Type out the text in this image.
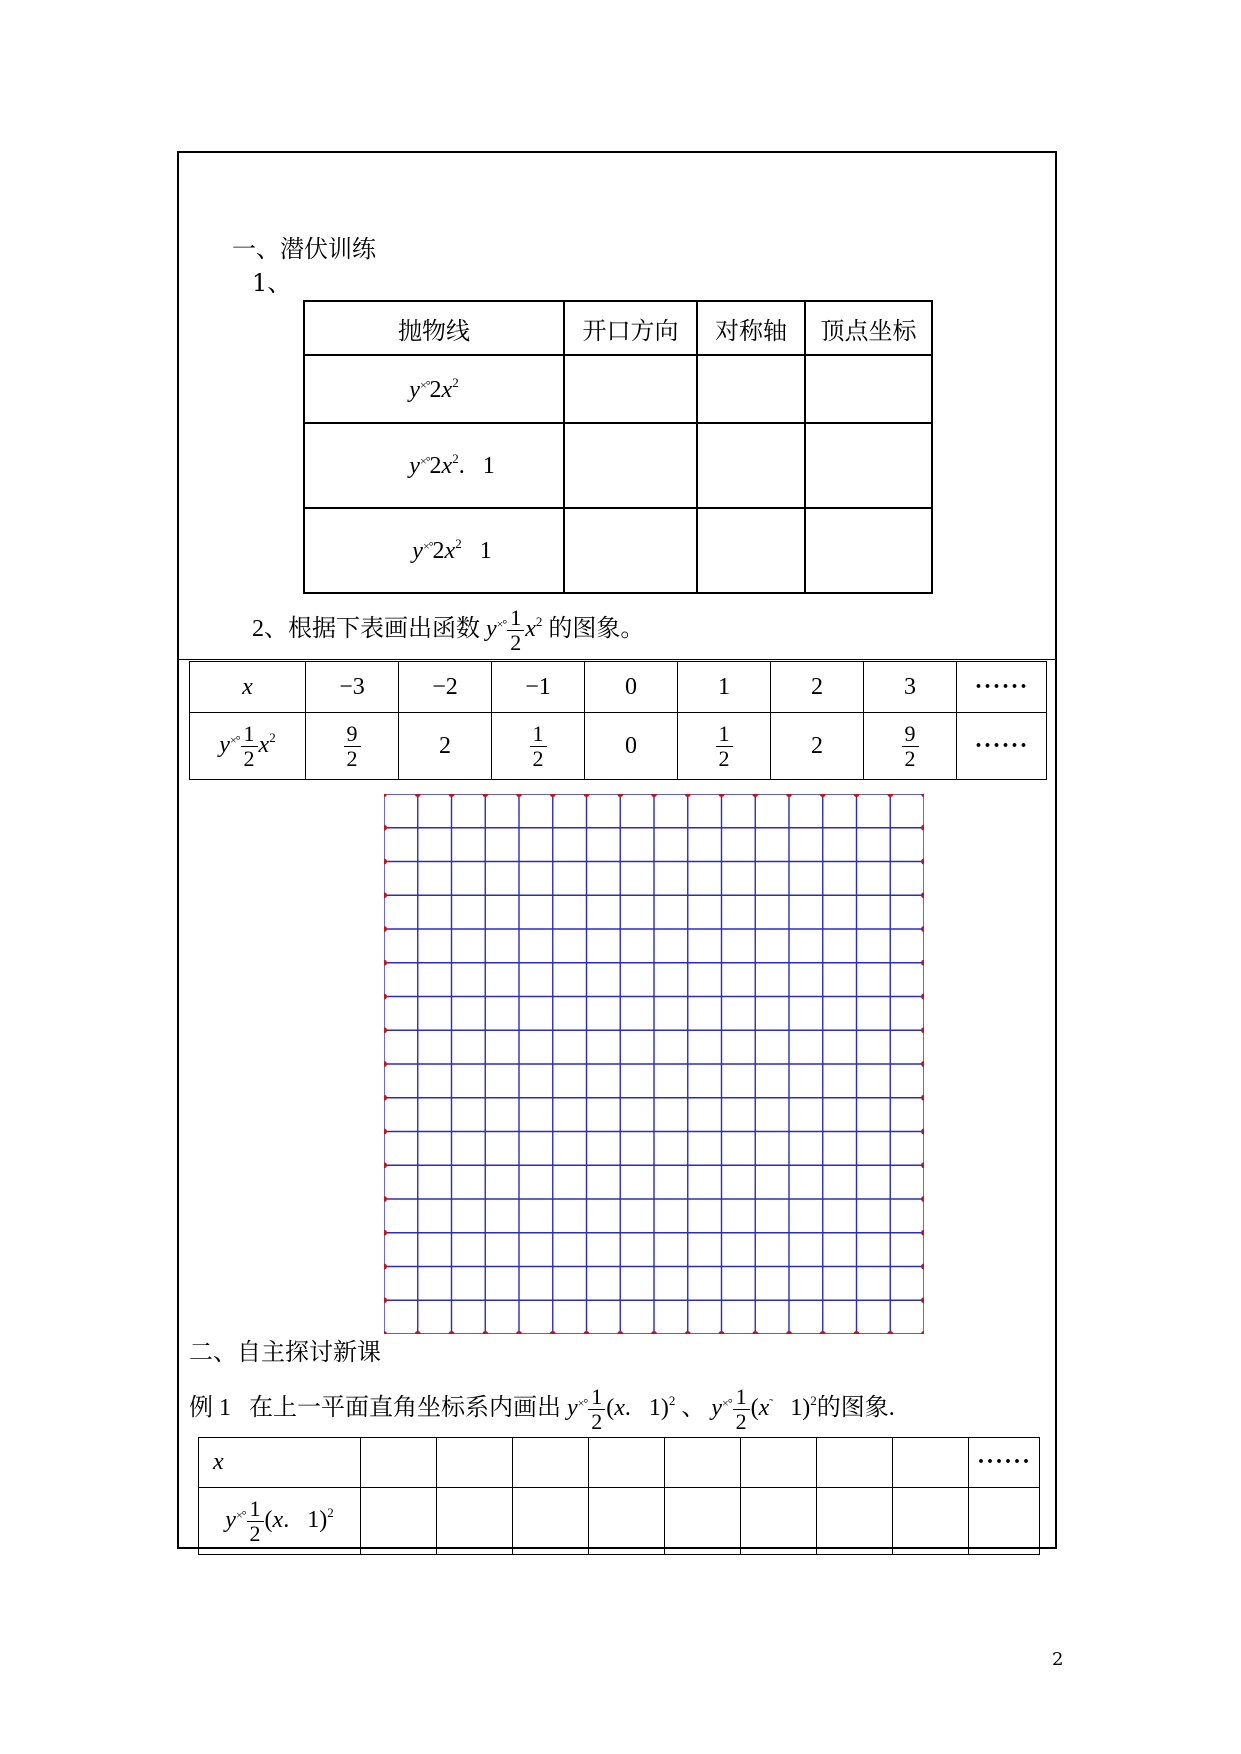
一、潜伏训练
1、
抛物线	开口方向	对称轴	顶点坐标
$y^{\times^\circ}2x^2$			

$y^{\times^\circ}2x^2$.   1

$y^{\times^\circ}2x^2$   1

2、根据下表画出函数 $y^{\times^\circ} \frac{1}{2} x^2$ 的图象。
x	−3	−2	−1	0	1	2	3	······
$y^{\times^\circ} \frac{1}{2} x^2$	$\frac{9}{2}$	2	$\frac{1}{2}$	0	$\frac{1}{2}$	2	$\frac{9}{2}$	······
二、自主探讨新课
例 1 在上一平面直角坐标系内画出 $y^{\times^\circ} \frac{1}{2} (x$.   1)$^2$ 、 $y^{\times^\circ} \frac{1}{2} (x^˜$   1)$^2$的图象.
x									······
$y^{\times^\circ} \frac{1}{2} (x$.   1)$^2$									
2
